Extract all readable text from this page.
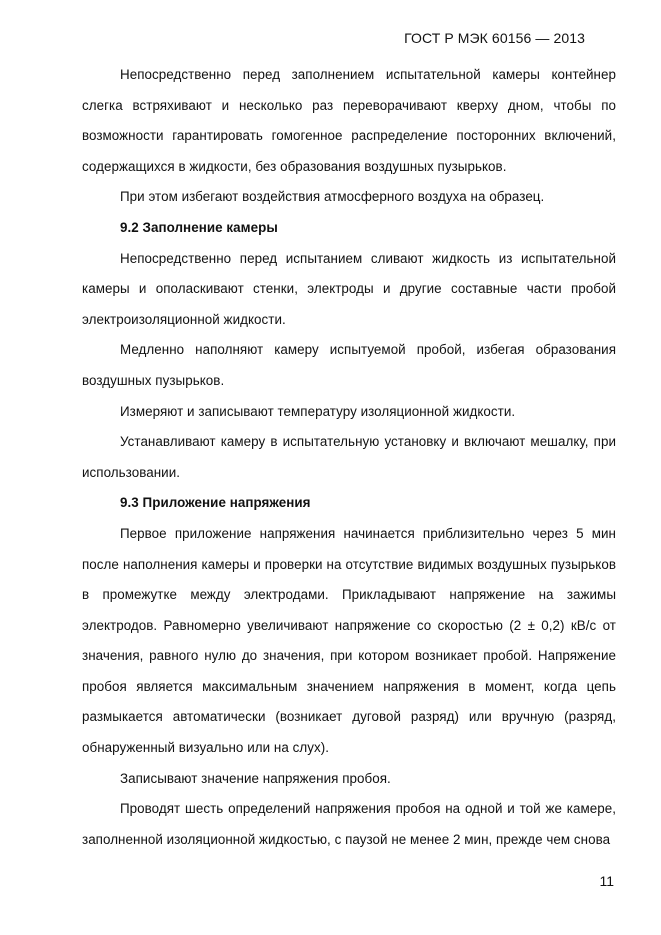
ГОСТ Р МЭК 60156 — 2013

Непосредственно перед заполнением испытательной камеры контейнер слегка встряхивают и несколько раз переворачивают кверху дном, чтобы по возможности гарантировать гомогенное распределение посторонних включений, содержащихся в жидкости, без образования воздушных пузырьков.

При этом избегают воздействия атмосферного воздуха на образец.

9.2 Заполнение камеры

Непосредственно перед испытанием сливают жидкость из испытательной камеры и ополаскивают стенки, электроды и другие составные части пробой электроизоляционной жидкости.

Медленно наполняют камеру испытуемой пробой, избегая образования воздушных пузырьков.

Измеряют и записывают температуру изоляционной жидкости.

Устанавливают камеру в испытательную установку и включают мешалку, при использовании.

9.3 Приложение напряжения

Первое приложение напряжения начинается приблизительно через 5 мин после наполнения камеры и проверки на отсутствие видимых воздушных пузырьков в промежутке между электродами. Прикладывают напряжение на зажимы электродов. Равномерно увеличивают напряжение со скоростью (2 ± 0,2) кВ/с от значения, равного нулю до значения, при котором возникает пробой. Напряжение пробоя является максимальным значением напряжения в момент, когда цепь размыкается автоматически (возникает дуговой разряд) или вручную (разряд, обнаруженный визуально или на слух).

Записывают значение напряжения пробоя.

Проводят шесть определений напряжения пробоя на одной и той же камере, заполненной изоляционной жидкостью, с паузой не менее 2 мин, прежде чем снова

11
